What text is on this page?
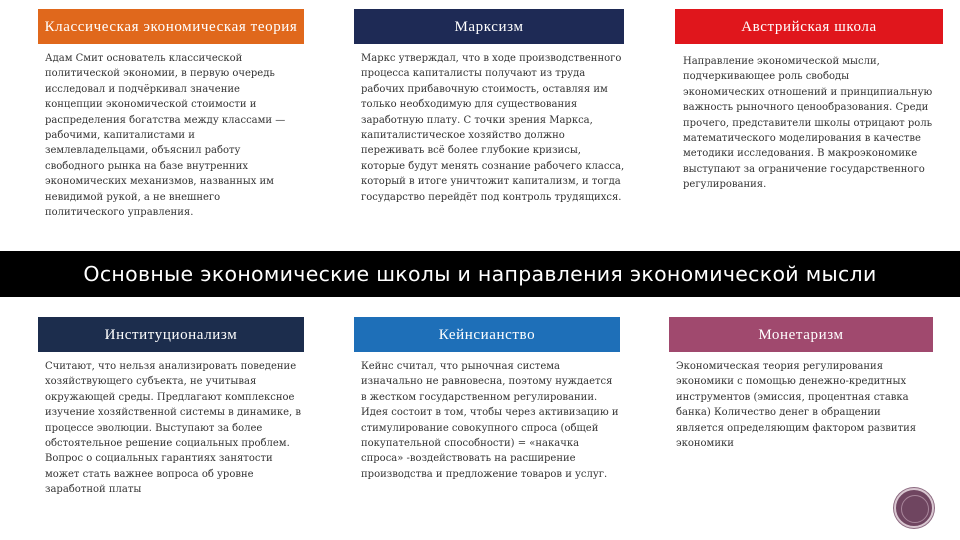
Классическая экономическая теория	Марксизм	Австрийская школа
Адам Смит основатель классической политической экономии, в первую очередь исследовал и подчёркивал значение концепции экономической стоимости и распределения богатства между классами — рабочими, капиталистами и землевладельцами, объяснил работу свободного рынка на базе внутренних экономических механизмов, названных им невидимой рукой, а не внешнего политического управления.
Маркс утверждал, что в ходе производственного процесса капиталисты получают из труда рабочих прибавочную стоимость, оставляя им только необходимую для существования заработную плату. С точки зрения Маркса, капиталистическое хозяйство должно переживать всё более глубокие кризисы, которые будут менять сознание рабочего класса, который в итоге уничтожит капитализм, и тогда государство перейдёт под контроль трудящихся.
Направление экономической мысли, подчеркивающее роль свободы экономических отношений и принципиальную важность рыночного ценообразования. Среди прочего, представители школы отрицают роль математического моделирования в качестве методики исследования. В макроэкономике выступают за ограничение государственного регулирования.
Основные экономические школы и направления экономической мысли
Институционализм	Кейнсианство	Монетаризм
Считают, что нельзя анализировать поведение хозяйствующего субъекта, не учитывая окружающей среды. Предлагают комплексное изучение хозяйственной системы в динамике, в процессе эволюции. Выступают за более обстоятельное решение социальных проблем. Вопрос о социальных гарантиях занятости может стать важнее вопроса об уровне заработной платы
Кейнс считал, что рыночная система изначально не равновесна, поэтому нуждается в жестком государственном регулировании. Идея состоит в том, чтобы через активизацию и стимулирование совокупного спроса (общей покупательной способности) = «накачка спроса» -воздействовать на расширение производства и предложение товаров и услуг.
Экономическая теория регулирования экономики с помощью денежно-кредитных инструментов (эмиссия, процентная ставка банка) Количество денег в обращении является определяющим фактором развития экономики
